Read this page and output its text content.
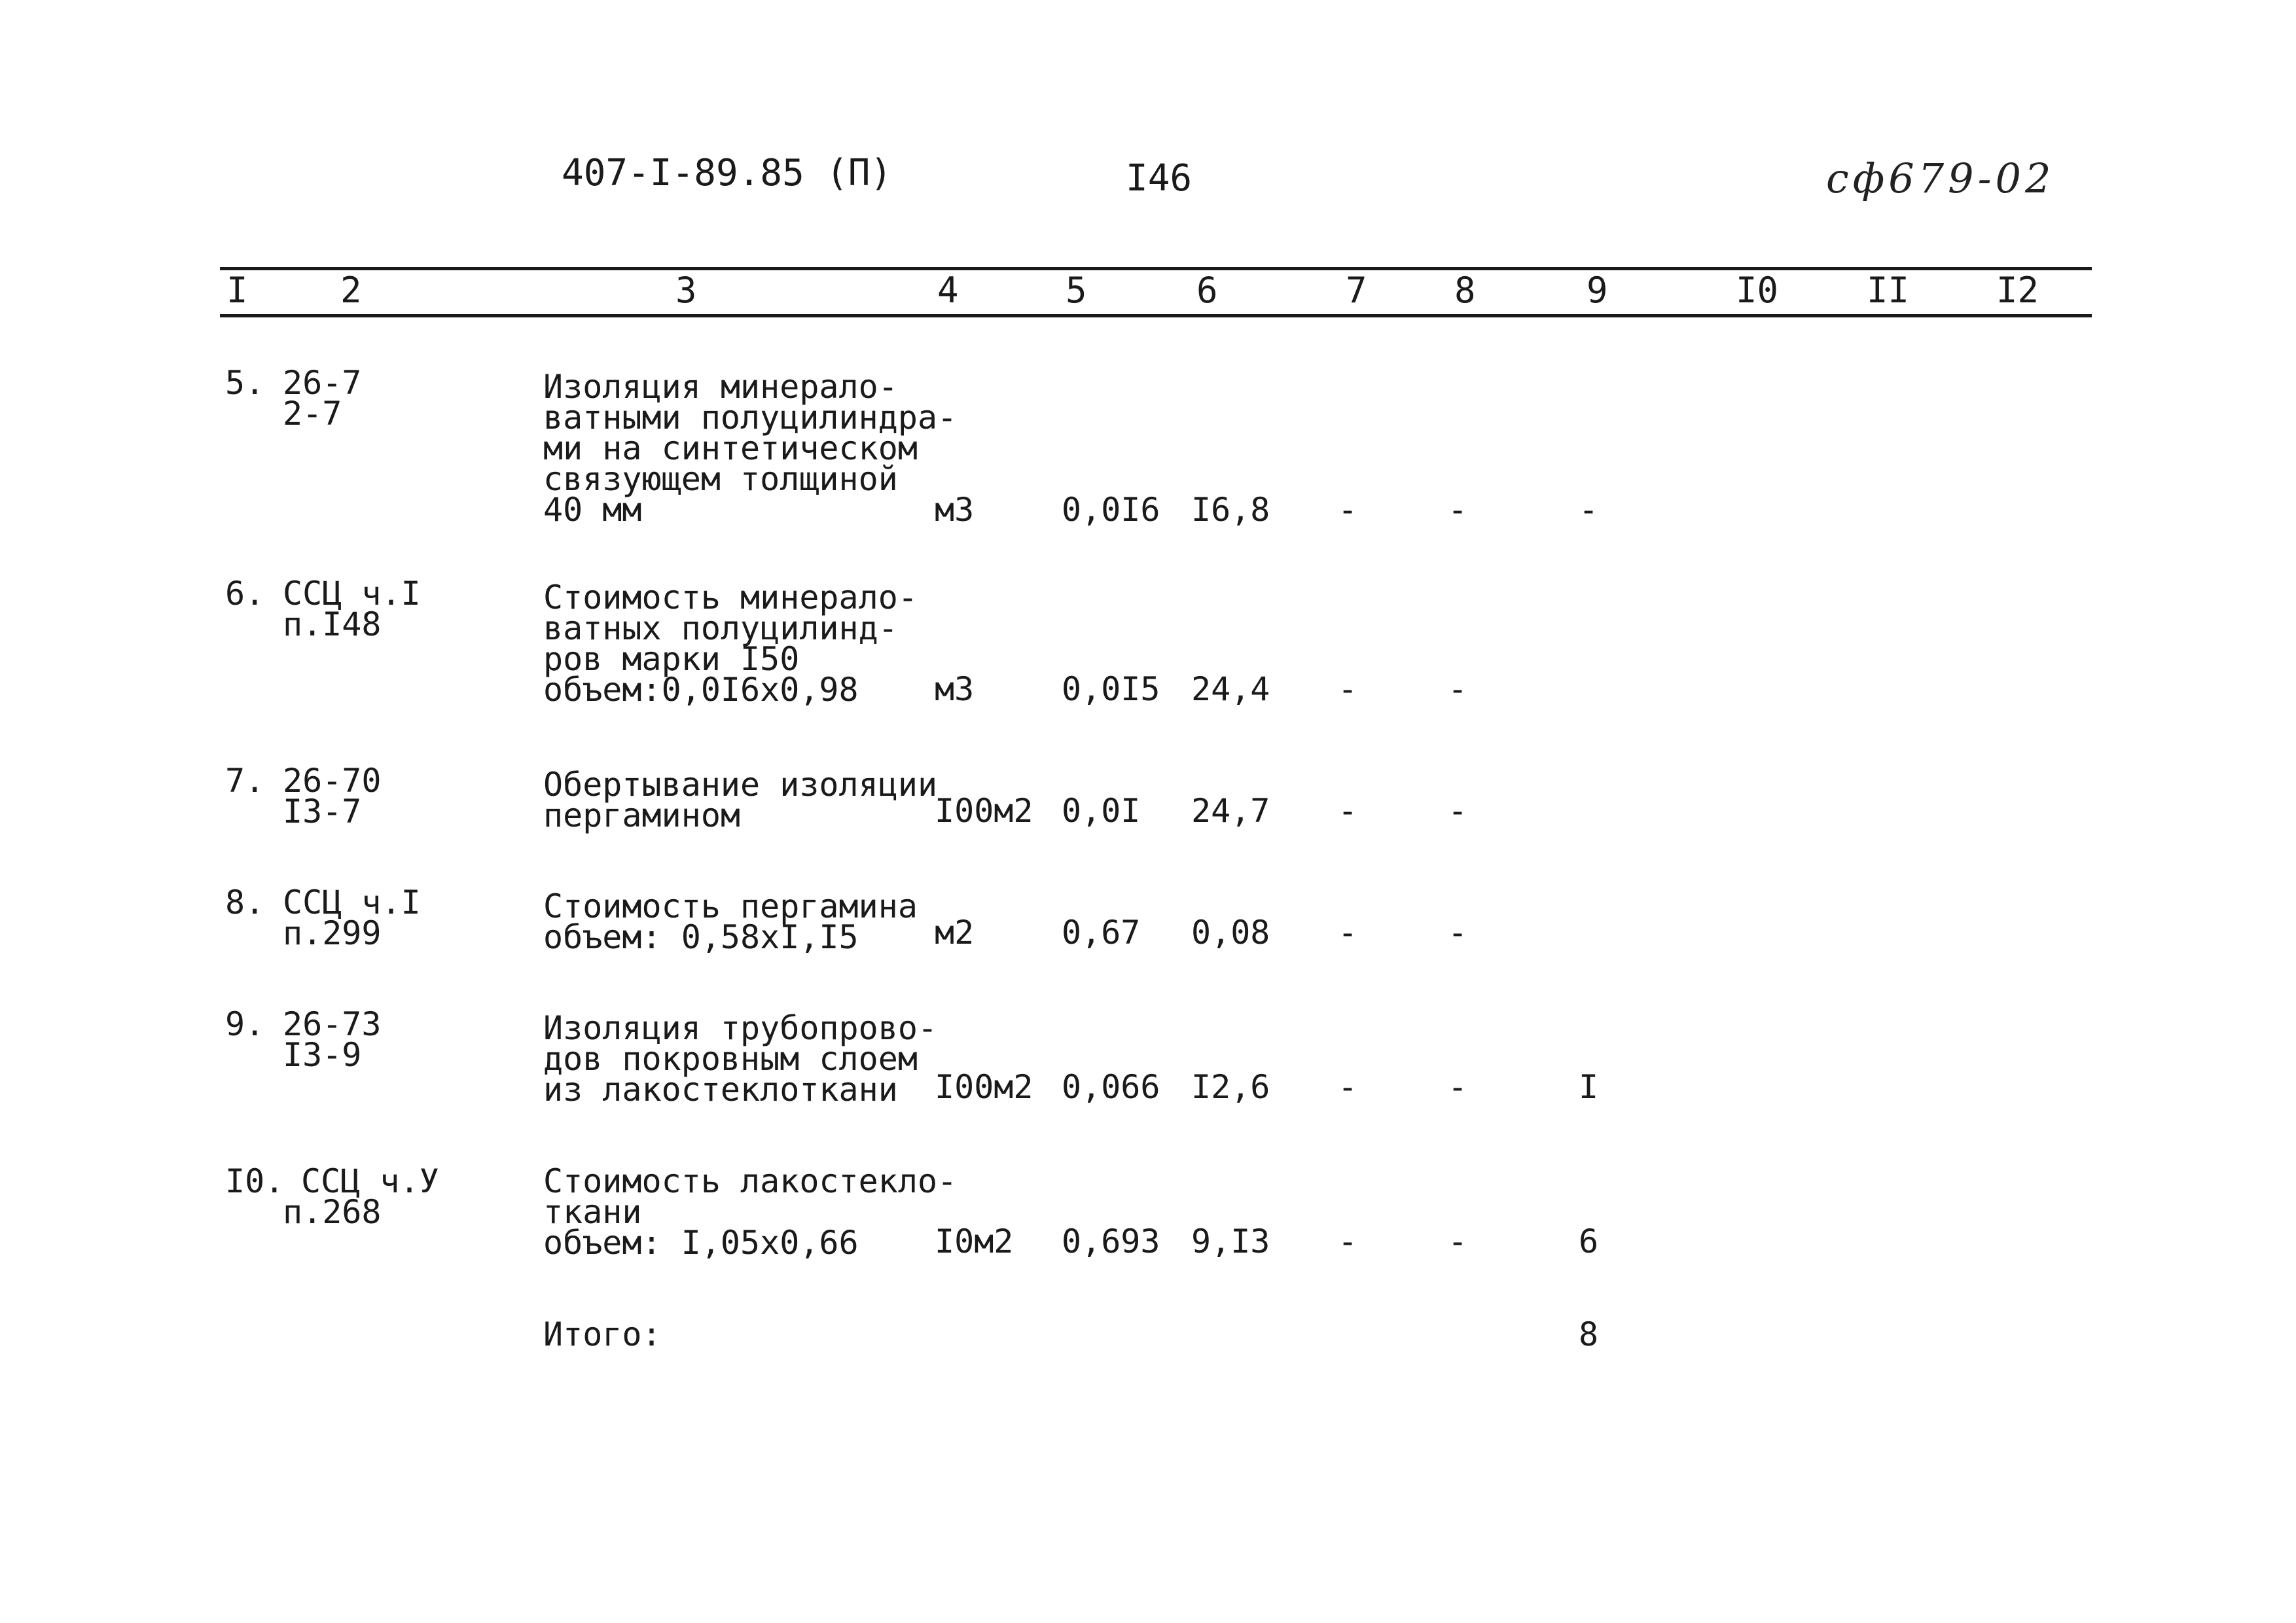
407-I-89.85 (П)	I46	сф679-02
I	2	3	4	5	6	7 8	9	I0 II I2
5. 26-7
2-7
Изоляция минерало-
ватными полуцилиндра-
ми на синтетическом
связующем толщиной
40 мм	м3	0,0I6 I6,8 -	-	-
6. ССЦ ч.I
п.I48
Стоимость минерало-
ватных полуцилинд-
ров марки I50
объем:0,0I6х0,98	м3	0,0I5 24,4 -	-
7. 26-70
I3-7
Обертывание изоляции
пергамином	I00м2 0,0I 24,7 -	-
8. ССЦ ч.I
п.299
Стоимость пергамина
объем: 0,58хI,I5	м2	0,67 0,08 -	-
9. 26-73
I3-9
Изоляция трубопрово-
дов покровным слоем
из лакостеклоткани	I00м2 0,066 I2,6 -	-	I
I0. ССЦ ч.У
п.268
Стоимость лакостекло-
ткани
объем: I,05х0,66	I0м2 0,693 9,I3 -	-	6
Итого:	8
